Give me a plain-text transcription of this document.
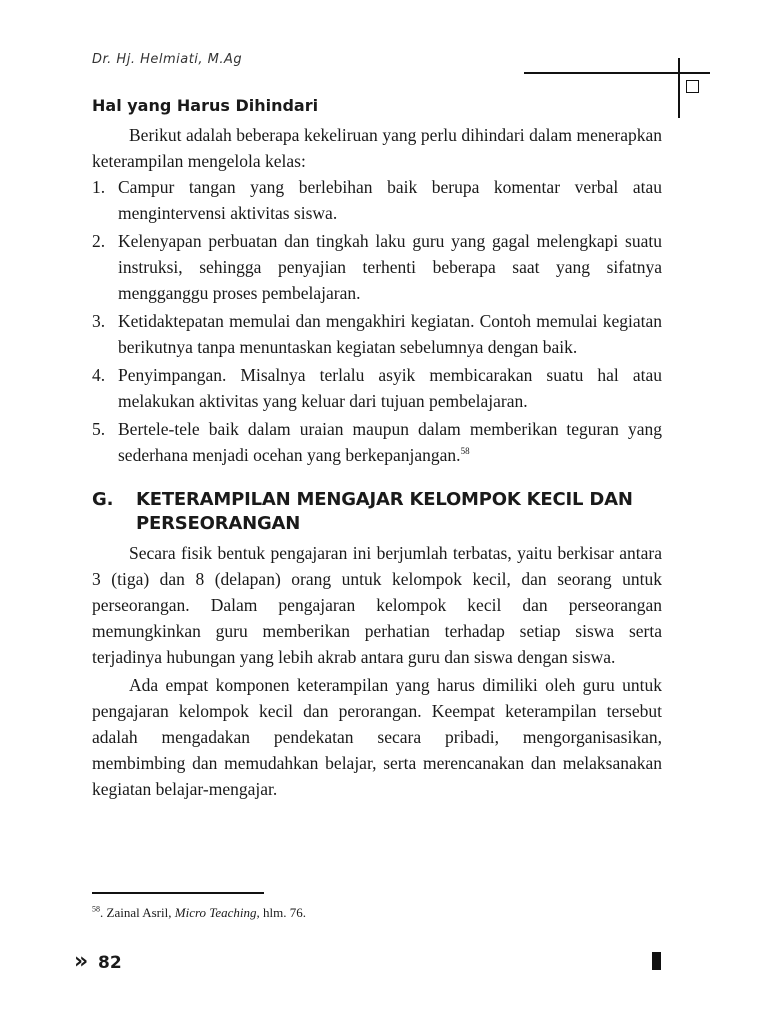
Dr. Hj. Helmiati, M.Ag
Hal yang Harus Dihindari

Berikut adalah beberapa kekeliruan yang perlu dihindari dalam menerapkan keterampilan mengelola kelas:

1. Campur tangan yang berlebihan baik berupa komentar verbal atau mengintervensi aktivitas siswa.
2. Kelenyapan perbuatan dan tingkah laku guru yang gagal melengkapi suatu instruksi, sehingga penyajian terhenti beberapa saat yang sifatnya mengganggu proses pembelajaran.
3. Ketidaktepatan memulai dan mengakhiri kegiatan. Contoh memulai kegiatan berikutnya tanpa menuntaskan kegiatan sebelumnya dengan baik.
4. Penyimpangan. Misalnya terlalu asyik membicarakan suatu hal atau melakukan aktivitas yang keluar dari tujuan pembelajaran.
5. Bertele-tele baik dalam uraian maupun dalam memberikan teguran yang sederhana menjadi ocehan yang berkepanjangan.$^{58}$
G. KETERAMPILAN MENGAJAR KELOMPOK KECIL DAN PERSEORANGAN

Secara fisik bentuk pengajaran ini berjumlah terbatas, yaitu berkisar antara 3 (tiga) dan 8 (delapan) orang untuk kelompok kecil, dan seorang untuk perseorangan. Dalam pengajaran kelompok kecil dan perseorangan memungkinkan guru memberikan perhatian terhadap setiap siswa serta terjadinya hubungan yang lebih akrab antara guru dan siswa dengan siswa.

Ada empat komponen keterampilan yang harus dimiliki oleh guru untuk pengajaran kelompok kecil dan perorangan. Keempat keterampilan tersebut adalah mengadakan pendekatan secara pribadi, mengorganisasikan, membimbing dan memudahkan belajar, serta merencanakan dan melaksanakan kegiatan belajar-mengajar.

$^{58}$. Zainal Asril, Micro Teaching, hlm. 76.
» 82
